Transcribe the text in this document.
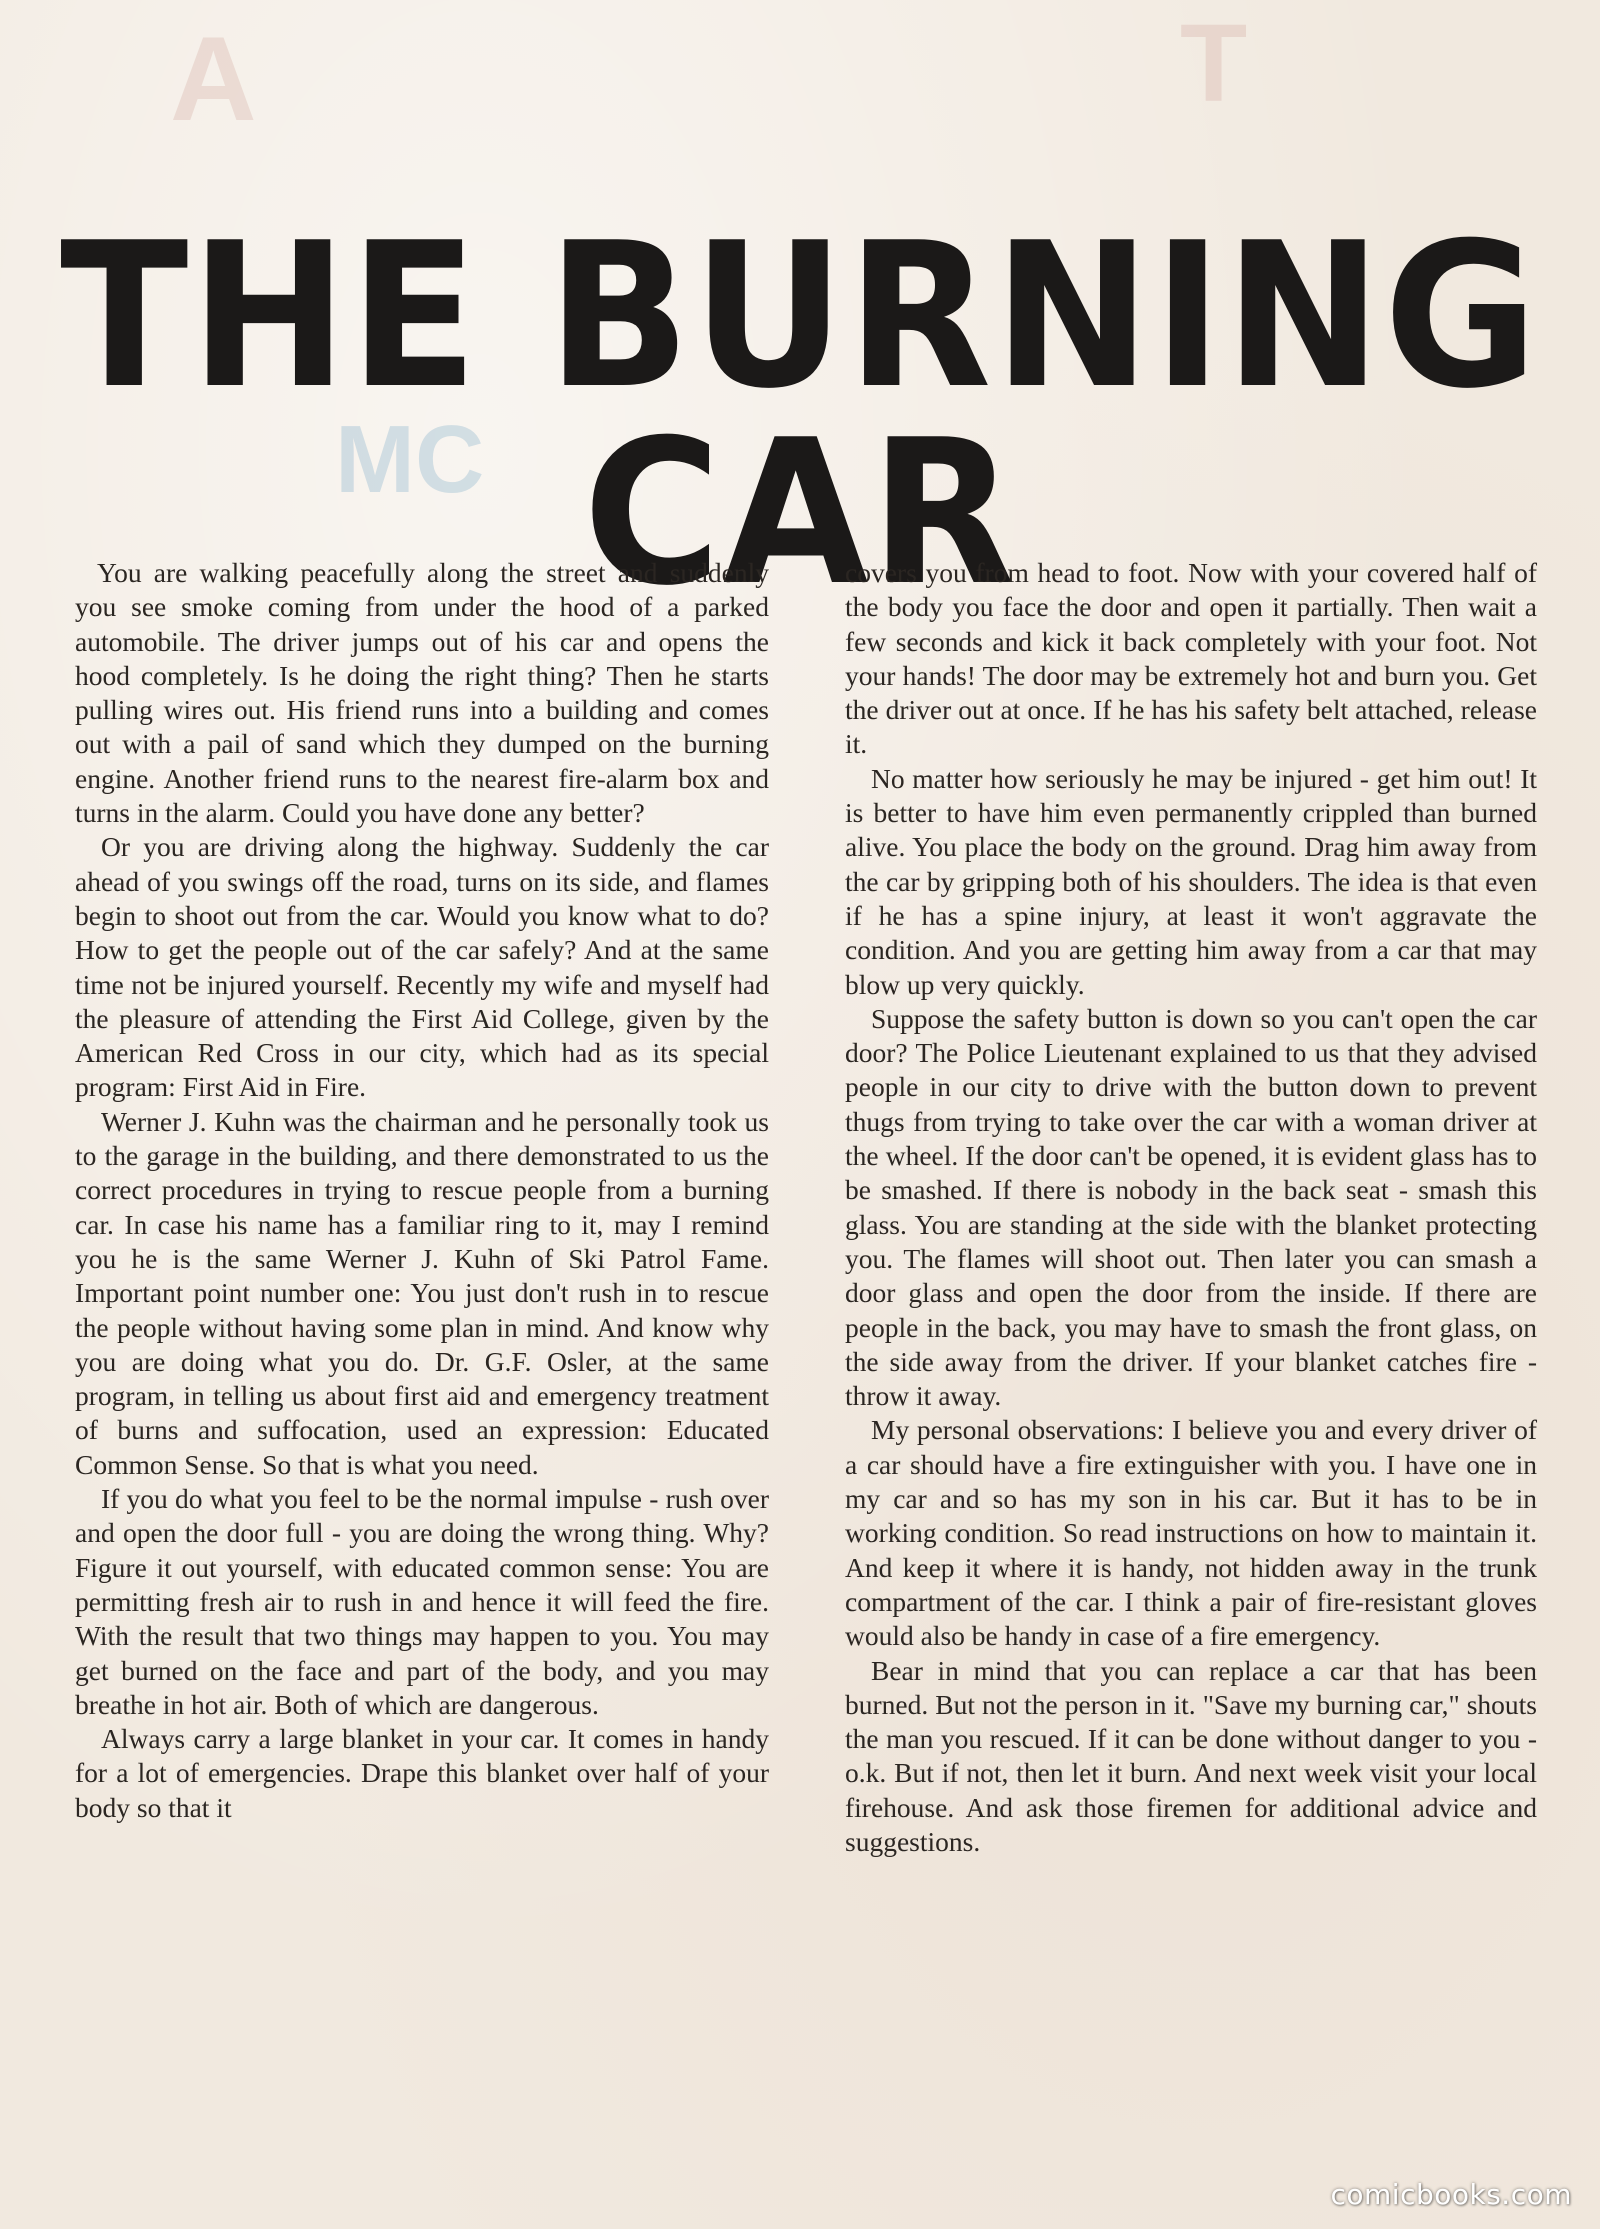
A	T
MC
THE BURNING
CAR

You are walking peacefully along the street and suddenly you see smoke coming from under the hood of a parked automobile. The driver jumps out of his car and opens the hood completely. Is he doing the right thing? Then he starts pulling wires out. His friend runs into a building and comes out with a pail of sand which they dumped on the burning engine. Another friend runs to the nearest fire-alarm box and turns in the alarm. Could you have done any better?

Or you are driving along the highway. Suddenly the car ahead of you swings off the road, turns on its side, and flames begin to shoot out from the car. Would you know what to do? How to get the people out of the car safely? And at the same time not be injured yourself. Recently my wife and myself had the pleasure of attending the First Aid College, given by the American Red Cross in our city, which had as its special program: First Aid in Fire.

Werner J. Kuhn was the chairman and he personally took us to the garage in the building, and there demonstrated to us the correct procedures in trying to rescue people from a burning car. In case his name has a familiar ring to it, may I remind you he is the same Werner J. Kuhn of Ski Patrol Fame. Important point number one: You just don't rush in to rescue the people without having some plan in mind. And know why you are doing what you do. Dr. G.F. Osler, at the same program, in telling us about first aid and emergency treatment of burns and suffocation, used an expression: Educated Common Sense. So that is what you need.

If you do what you feel to be the normal impulse - rush over and open the door full - you are doing the wrong thing. Why? Figure it out yourself, with educated common sense: You are permitting fresh air to rush in and hence it will feed the fire. With the result that two things may happen to you. You may get burned on the face and part of the body, and you may breathe in hot air. Both of which are dangerous.

Always carry a large blanket in your car. It comes in handy for a lot of emergencies. Drape this blanket over half of your body so that it

covers you from head to foot. Now with your covered half of the body you face the door and open it partially. Then wait a few seconds and kick it back completely with your foot. Not your hands! The door may be extremely hot and burn you. Get the driver out at once. If he has his safety belt attached, release it.

No matter how seriously he may be injured - get him out! It is better to have him even permanently crippled than burned alive. You place the body on the ground. Drag him away from the car by gripping both of his shoulders. The idea is that even if he has a spine injury, at least it won't aggravate the condition. And you are getting him away from a car that may blow up very quickly.

Suppose the safety button is down so you can't open the car door? The Police Lieutenant explained to us that they advised people in our city to drive with the button down to prevent thugs from trying to take over the car with a woman driver at the wheel. If the door can't be opened, it is evident glass has to be smashed. If there is nobody in the back seat - smash this glass. You are standing at the side with the blanket protecting you. The flames will shoot out. Then later you can smash a door glass and open the door from the inside. If there are people in the back, you may have to smash the front glass, on the side away from the driver. If your blanket catches fire - throw it away.

My personal observations: I believe you and every driver of a car should have a fire extinguisher with you. I have one in my car and so has my son in his car. But it has to be in working condition. So read instructions on how to maintain it. And keep it where it is handy, not hidden away in the trunk compartment of the car. I think a pair of fire-resistant gloves would also be handy in case of a fire emergency.

Bear in mind that you can replace a car that has been burned. But not the person in it. "Save my burning car," shouts the man you rescued. If it can be done without danger to you - o.k. But if not, then let it burn. And next week visit your local firehouse. And ask those firemen for additional advice and suggestions.

comicbooks.com
